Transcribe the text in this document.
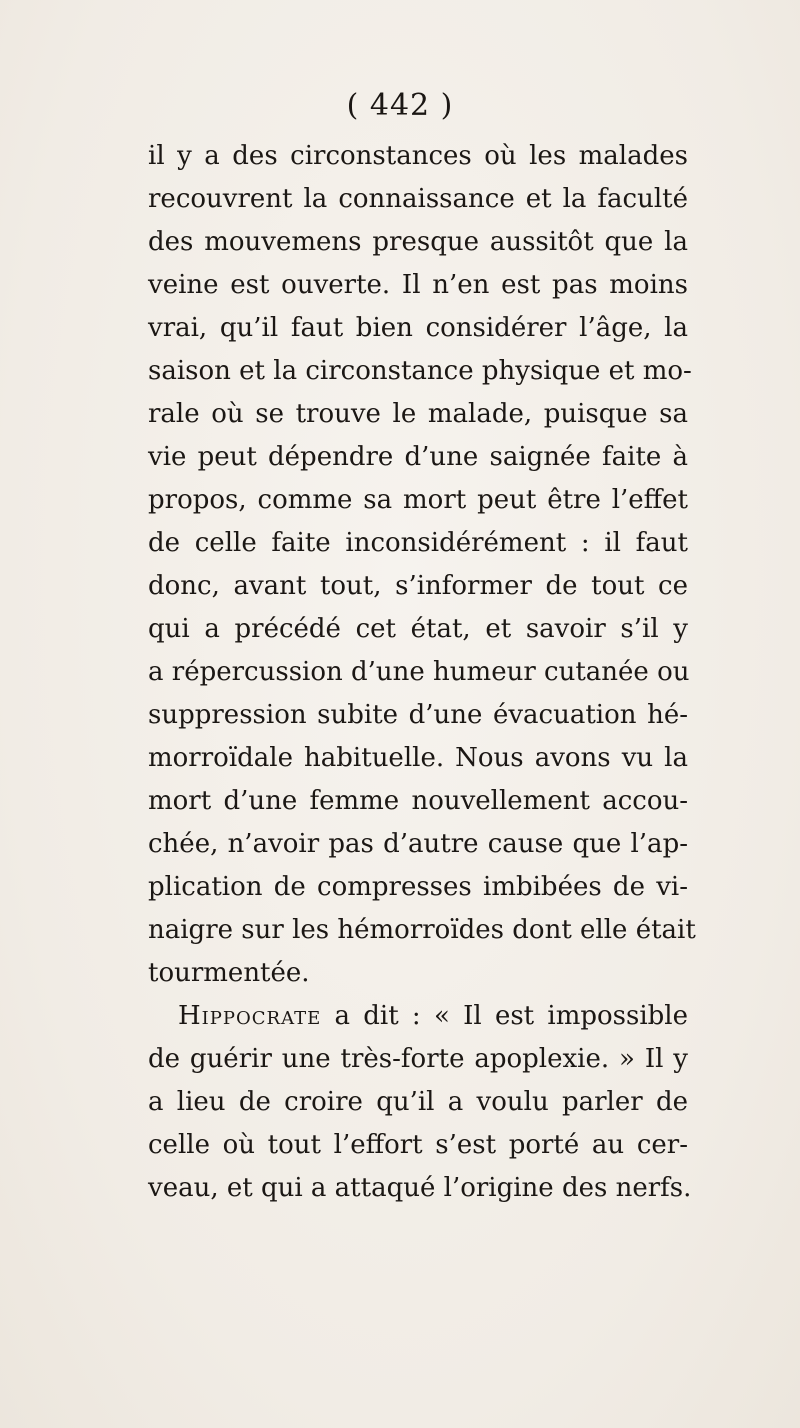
( 442 )
il y a des circonstances où les malades
recouvrent la connaissance et la faculté
des mouvemens presque aussitôt que la
veine est ouverte. Il n’en est pas moins
vrai, qu’il faut bien considérer l’âge, la
saison et la circonstance physique et mo-
rale où se trouve le malade, puisque sa
vie peut dépendre d’une saignée faite à
propos, comme sa mort peut être l’effet
de celle faite inconsidérément : il faut
donc, avant tout, s’informer de tout ce
qui a précédé cet état, et savoir s’il y
a répercussion d’une humeur cutanée ou
suppression subite d’une évacuation hé-
morroïdale habituelle. Nous avons vu la
mort d’une femme nouvellement accou-
chée, n’avoir pas d’autre cause que l’ap-
plication de compresses imbibées de vi-
naigre sur les hémorroïdes dont elle était
tourmentée.
Hippocrate a dit : « Il est impossible
de guérir une très-forte apoplexie. » Il y
a lieu de croire qu’il a voulu parler de
celle où tout l’effort s’est porté au cer-
veau, et qui a attaqué l’origine des nerfs.
